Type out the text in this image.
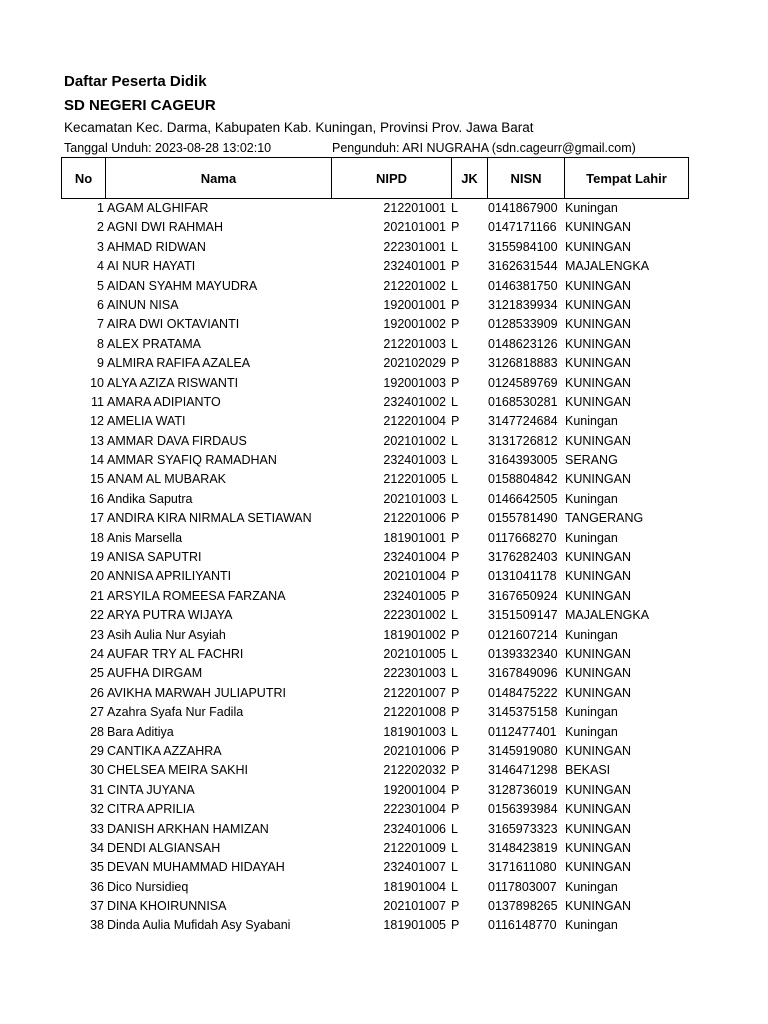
Daftar Peserta Didik
SD NEGERI CAGEUR
Kecamatan Kec. Darma, Kabupaten Kab. Kuningan, Provinsi Prov. Jawa Barat
Tanggal Unduh: 2023-08-28 13:02:10	Pengunduh: ARI NUGRAHA (sdn.cageurr@gmail.com)
No	Nama	NIPD	JK	NISN	Tempat Lahir
1 AGAM ALGHIFAR	212201001 L 0141867900 Kuningan
2 AGNI DWI RAHMAH	202101001 P 0147171166 KUNINGAN
3 AHMAD RIDWAN	222301001 L 3155984100 KUNINGAN
4 AI NUR HAYATI	232401001 P 3162631544 MAJALENGKA
5 AIDAN SYAHM MAYUDRA	212201002 L 0146381750 KUNINGAN
6 AINUN NISA	192001001 P 3121839934 KUNINGAN
7 AIRA DWI OKTAVIANTI	192001002 P 0128533909 KUNINGAN
8 ALEX PRATAMA	212201003 L 0148623126 KUNINGAN
9 ALMIRA RAFIFA AZALEA	202102029 P 3126818883 KUNINGAN
10 ALYA AZIZA RISWANTI	192001003 P 0124589769 KUNINGAN
11 AMARA ADIPIANTO	232401002 L 0168530281 KUNINGAN
12 AMELIA WATI	212201004 P 3147724684 Kuningan
13 AMMAR DAVA FIRDAUS	202101002 L 3131726812 KUNINGAN
14 AMMAR SYAFIQ RAMADHAN	232401003 L 3164393005 SERANG
15 ANAM AL MUBARAK	212201005 L 0158804842 KUNINGAN
16 Andika Saputra	202101003 L 0146642505 Kuningan
17 ANDIRA KIRA NIRMALA SETIAWAN	212201006 P 0155781490 TANGERANG
18 Anis Marsella	181901001 P 0117668270 Kuningan
19 ANISA SAPUTRI	232401004 P 3176282403 KUNINGAN
20 ANNISA APRILIYANTI	202101004 P 0131041178 KUNINGAN
21 ARSYILA ROMEESA FARZANA	232401005 P 3167650924 KUNINGAN
22 ARYA PUTRA WIJAYA	222301002 L 3151509147 MAJALENGKA
23 Asih Aulia Nur Asyiah	181901002 P 0121607214 Kuningan
24 AUFAR TRY AL FACHRI	202101005 L 0139332340 KUNINGAN
25 AUFHA DIRGAM	222301003 L 3167849096 KUNINGAN
26 AVIKHA MARWAH JULIAPUTRI	212201007 P 0148475222 KUNINGAN
27 Azahra Syafa Nur Fadila	212201008 P 3145375158 Kuningan
28 Bara Aditiya	181901003 L 0112477401 Kuningan
29 CANTIKA AZZAHRA	202101006 P 3145919080 KUNINGAN
30 CHELSEA MEIRA SAKHI	212202032 P 3146471298 BEKASI
31 CINTA JUYANA	192001004 P 3128736019 KUNINGAN
32 CITRA APRILIA	222301004 P 0156393984 KUNINGAN
33 DANISH ARKHAN HAMIZAN	232401006 L 3165973323 KUNINGAN
34 DENDI ALGIANSAH	212201009 L 3148423819 KUNINGAN
35 DEVAN MUHAMMAD HIDAYAH	232401007 L 3171611080 KUNINGAN
36 Dico Nursidieq	181901004 L 0117803007 Kuningan
37 DINA KHOIRUNNISA	202101007 P 0137898265 KUNINGAN
38 Dinda Aulia Mufidah Asy Syabani	181901005 P 0116148770 Kuningan
